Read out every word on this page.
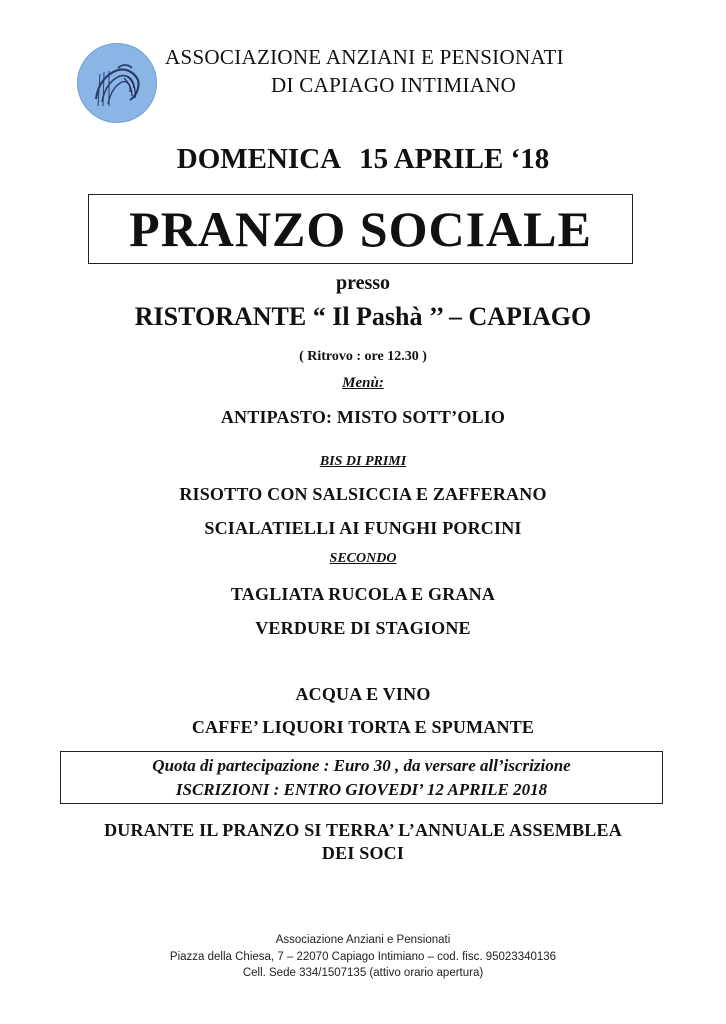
ASSOCIAZIONE ANZIANI E PENSIONATI
DI CAPIAGO INTIMIANO
DOMENICA 15 APRILE ‘18
PRANZO SOCIALE
presso
RISTORANTE “ Il Pashà ’’ – CAPIAGO
( Ritrovo : ore 12.30 )
Menù:
ANTIPASTO: MISTO SOTT’OLIO
BIS DI PRIMI
RISOTTO CON SALSICCIA E ZAFFERANO
SCIALATIELLI AI FUNGHI PORCINI
SECONDO
TAGLIATA RUCOLA E GRANA
VERDURE DI STAGIONE
ACQUA E VINO
CAFFE’ LIQUORI TORTA E SPUMANTE
Quota di partecipazione : Euro 30 , da versare all’iscrizione
ISCRIZIONI : ENTRO GIOVEDI’ 12 APRILE 2018
DURANTE IL PRANZO SI TERRA’ L’ANNUALE ASSEMBLEA
DEI SOCI
Associazione Anziani e Pensionati
Piazza della Chiesa, 7 – 22070 Capiago Intimiano – cod. fisc. 95023340136
Cell. Sede 334/1507135 (attivo orario apertura)
